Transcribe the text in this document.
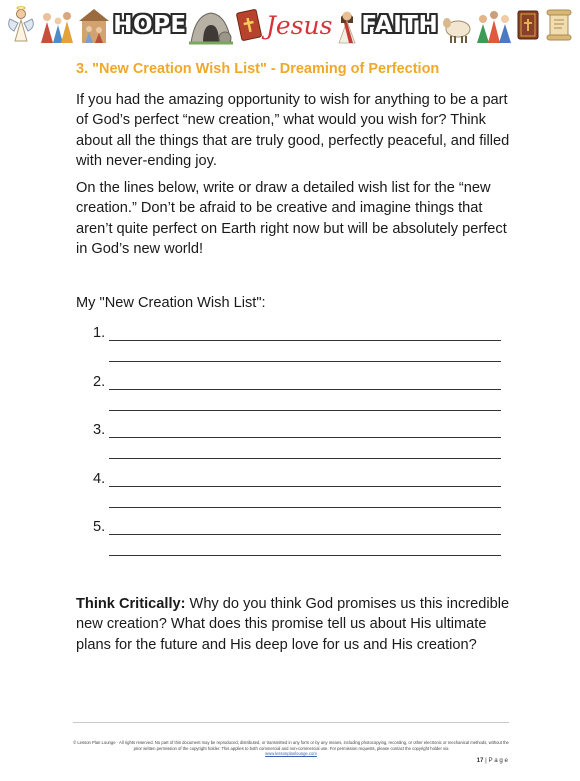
HOPE	Jesus FAITH
3. "New Creation Wish List" - Dreaming of Perfection

If you had the amazing opportunity to wish for anything to be a part of God’s perfect “new creation,” what would you wish for? Think about all the things that are truly good, perfectly peaceful, and filled with never-ending joy.

On the lines below, write or draw a detailed wish list for the “new creation.” Don’t be afraid to be creative and imagine things that aren’t quite perfect on Earth right now but will be absolutely perfect in God’s new world!

My "New Creation Wish List":
1.
2.
3.
4.
5.

Think Critically: Why do you think God promises us this incredible new creation? What does this promise tell us about His ultimate plans for the future and His deep love for us and His creation?

© Lesson Plan Lounge · All rights reserved. No part of this document may be reproduced, distributed, or transmitted in any form or by any means, including photocopying, recording, or other electronic or mechanical methods, without the prior written permission of the copyright holder. This applies to both commercial and non-commercial use. For permission requests, please contact the copyright holder via
www.lessonplanlounge.com
17 | P a g e
